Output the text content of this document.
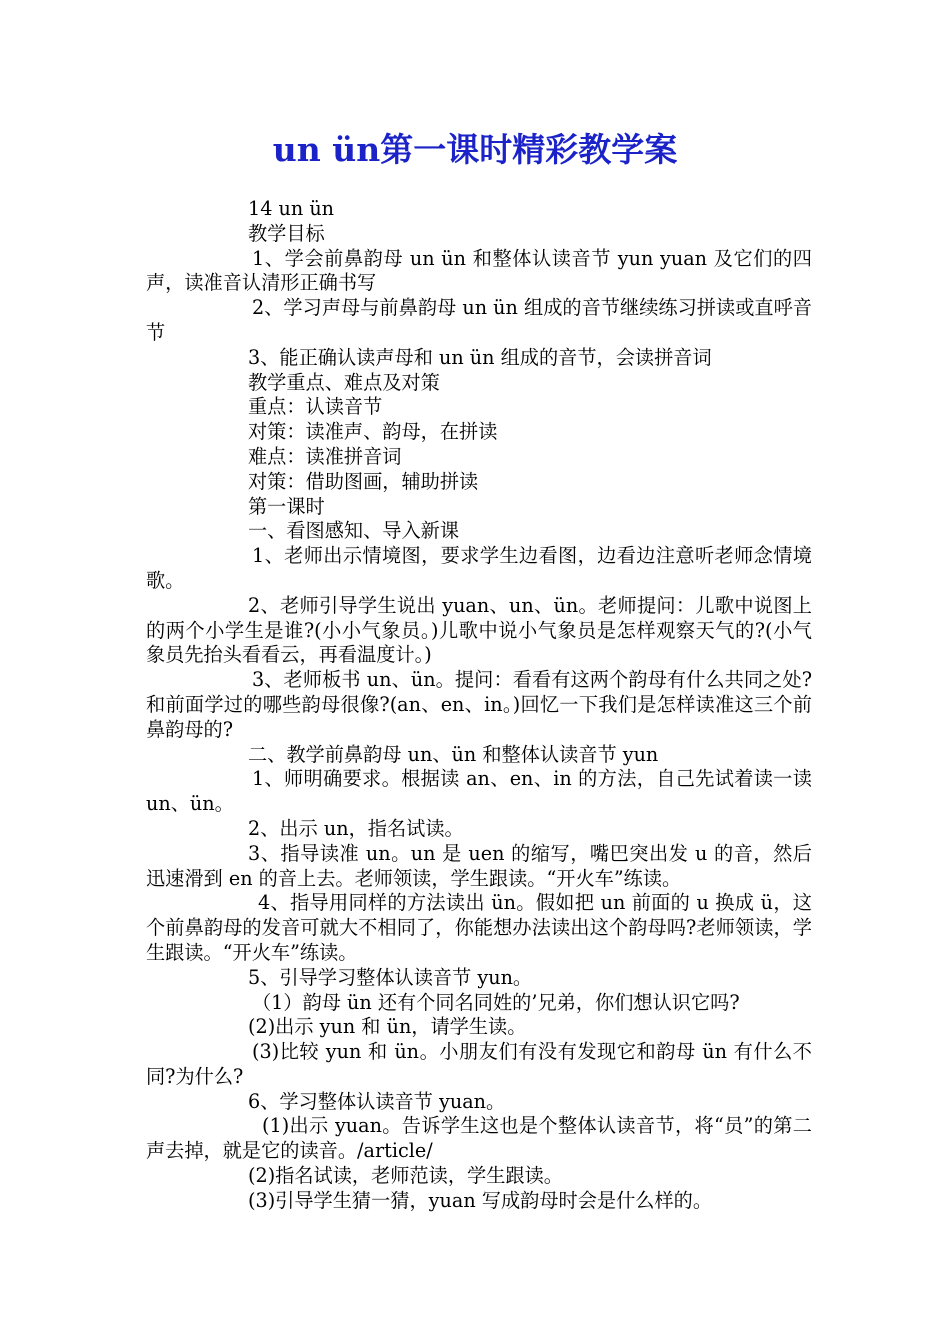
un ün第一课时精彩教学案

14 un ün

教学目标

1、学会前鼻韵母 un ün 和整体认读音节 yun yuan 及它们的四声，读准音认清形正确书写

2、学习声母与前鼻韵母 un ün 组成的音节继续练习拼读或直呼音节

3、能正确认读声母和 un ün 组成的音节，会读拼音词

教学重点、难点及对策

重点：认读音节

对策：读准声、韵母，在拼读

难点：读准拼音词

对策：借助图画，辅助拼读

第一课时

一、看图感知、导入新课

1、老师出示情境图，要求学生边看图，边看边注意听老师念情境歌。

2、老师引导学生说出 yuan、un、ün。老师提问：儿歌中说图上的两个小学生是谁?(小小气象员。)儿歌中说小气象员是怎样观察天气的?(小气象员先抬头看看云，再看温度计。)

3、老师板书 un、ün。提问：看看有这两个韵母有什么共同之处?和前面学过的哪些韵母很像?(an、en、in。)回忆一下我们是怎样读准这三个前鼻韵母的?

二、教学前鼻韵母 un、ün 和整体认读音节 yun

1、师明确要求。根据读 an、en、in 的方法，自己先试着读一读 un、ün。

2、出示 un，指名试读。

3、指导读准 un。un 是 uen 的缩写，嘴巴突出发 u 的音，然后迅速滑到 en 的音上去。老师领读，学生跟读。“开火车”练读。

4、指导用同样的方法读出 ün。假如把 un 前面的 u 换成 ü，这个前鼻韵母的发音可就大不相同了，你能想办法读出这个韵母吗?老师领读，学生跟读。“开火车”练读。

5、引导学习整体认读音节 yun。

（1）韵母 ün 还有个同名同姓的’兄弟，你们想认识它吗?

(2)出示 yun 和 ün，请学生读。

(3)比较 yun 和 ün。小朋友们有没有发现它和韵母 ün 有什么不同?为什么?

6、学习整体认读音节 yuan。

(1)出示 yuan。告诉学生这也是个整体认读音节，将“员”的第二声去掉，就是它的读音。/article/

(2)指名试读，老师范读，学生跟读。

(3)引导学生猜一猜，yuan 写成韵母时会是什么样的。
